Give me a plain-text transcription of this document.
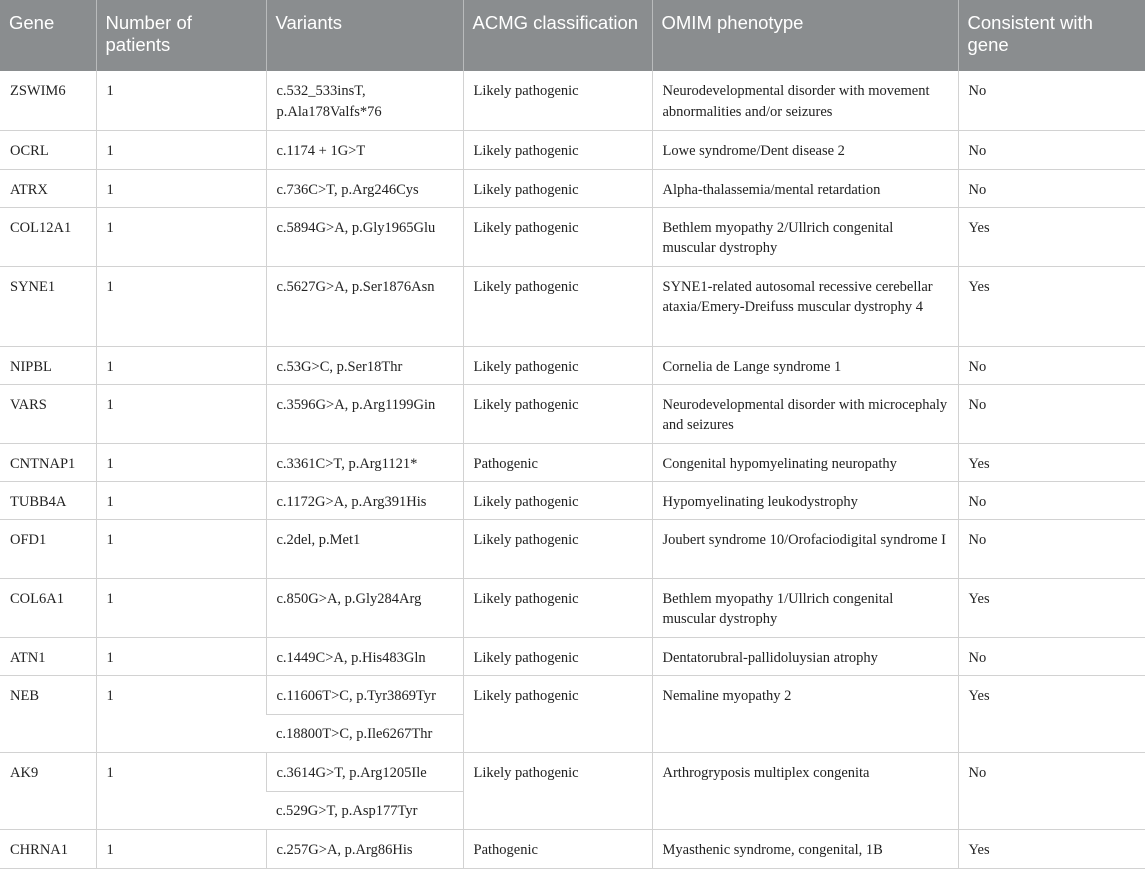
Gene	Number of patients	Variants	ACMG classification	OMIM phenotype	Consistent with gene
ZSWIM6	1	c.532_533insT, p.Ala178Valfs*76	Likely pathogenic	Neurodevelopmental disorder with movement abnormalities and/or seizures	No
OCRL	1	c.1174 + 1G>T	Likely pathogenic	Lowe syndrome/Dent disease 2	No
ATRX	1	c.736C>T, p.Arg246Cys	Likely pathogenic	Alpha-thalassemia/mental retardation	No
COL12A1	1	c.5894G>A, p.Gly1965Glu	Likely pathogenic	Bethlem myopathy 2/Ullrich congenital muscular dystrophy	Yes
SYNE1	1	c.5627G>A, p.Ser1876Asn	Likely pathogenic	SYNE1-related autosomal recessive cerebellar ataxia/Emery-Dreifuss muscular dystrophy 4	Yes
NIPBL	1	c.53G>C, p.Ser18Thr	Likely pathogenic	Cornelia de Lange syndrome 1	No
VARS	1	c.3596G>A, p.Arg1199Gin	Likely pathogenic	Neurodevelopmental disorder with microcephaly and seizures	No
CNTNAP1	1	c.3361C>T, p.Arg1121*	Pathogenic	Congenital hypomyelinating neuropathy	Yes
TUBB4A	1	c.1172G>A, p.Arg391His	Likely pathogenic	Hypomyelinating leukodystrophy	No
OFD1	1	c.2del, p.Met1	Likely pathogenic	Joubert syndrome 10/Orofaciodigital syndrome I	No
COL6A1	1	c.850G>A, p.Gly284Arg	Likely pathogenic	Bethlem myopathy 1/Ullrich congenital muscular dystrophy	Yes
ATN1	1	c.1449C>A, p.His483Gln	Likely pathogenic	Dentatorubral-pallidoluysian atrophy	No
NEB	1	c.11606T>C, p.Tyr3869Tyr	Likely pathogenic	Nemaline myopathy 2	Yes
		c.18800T>C, p.Ile6267Thr			
AK9	1	c.3614G>T, p.Arg1205Ile	Likely pathogenic	Arthrogryposis multiplex congenita	No
		c.529G>T, p.Asp177Tyr			
CHRNA1	1	c.257G>A, p.Arg86His	Pathogenic	Myasthenic syndrome, congenital, 1B	Yes
